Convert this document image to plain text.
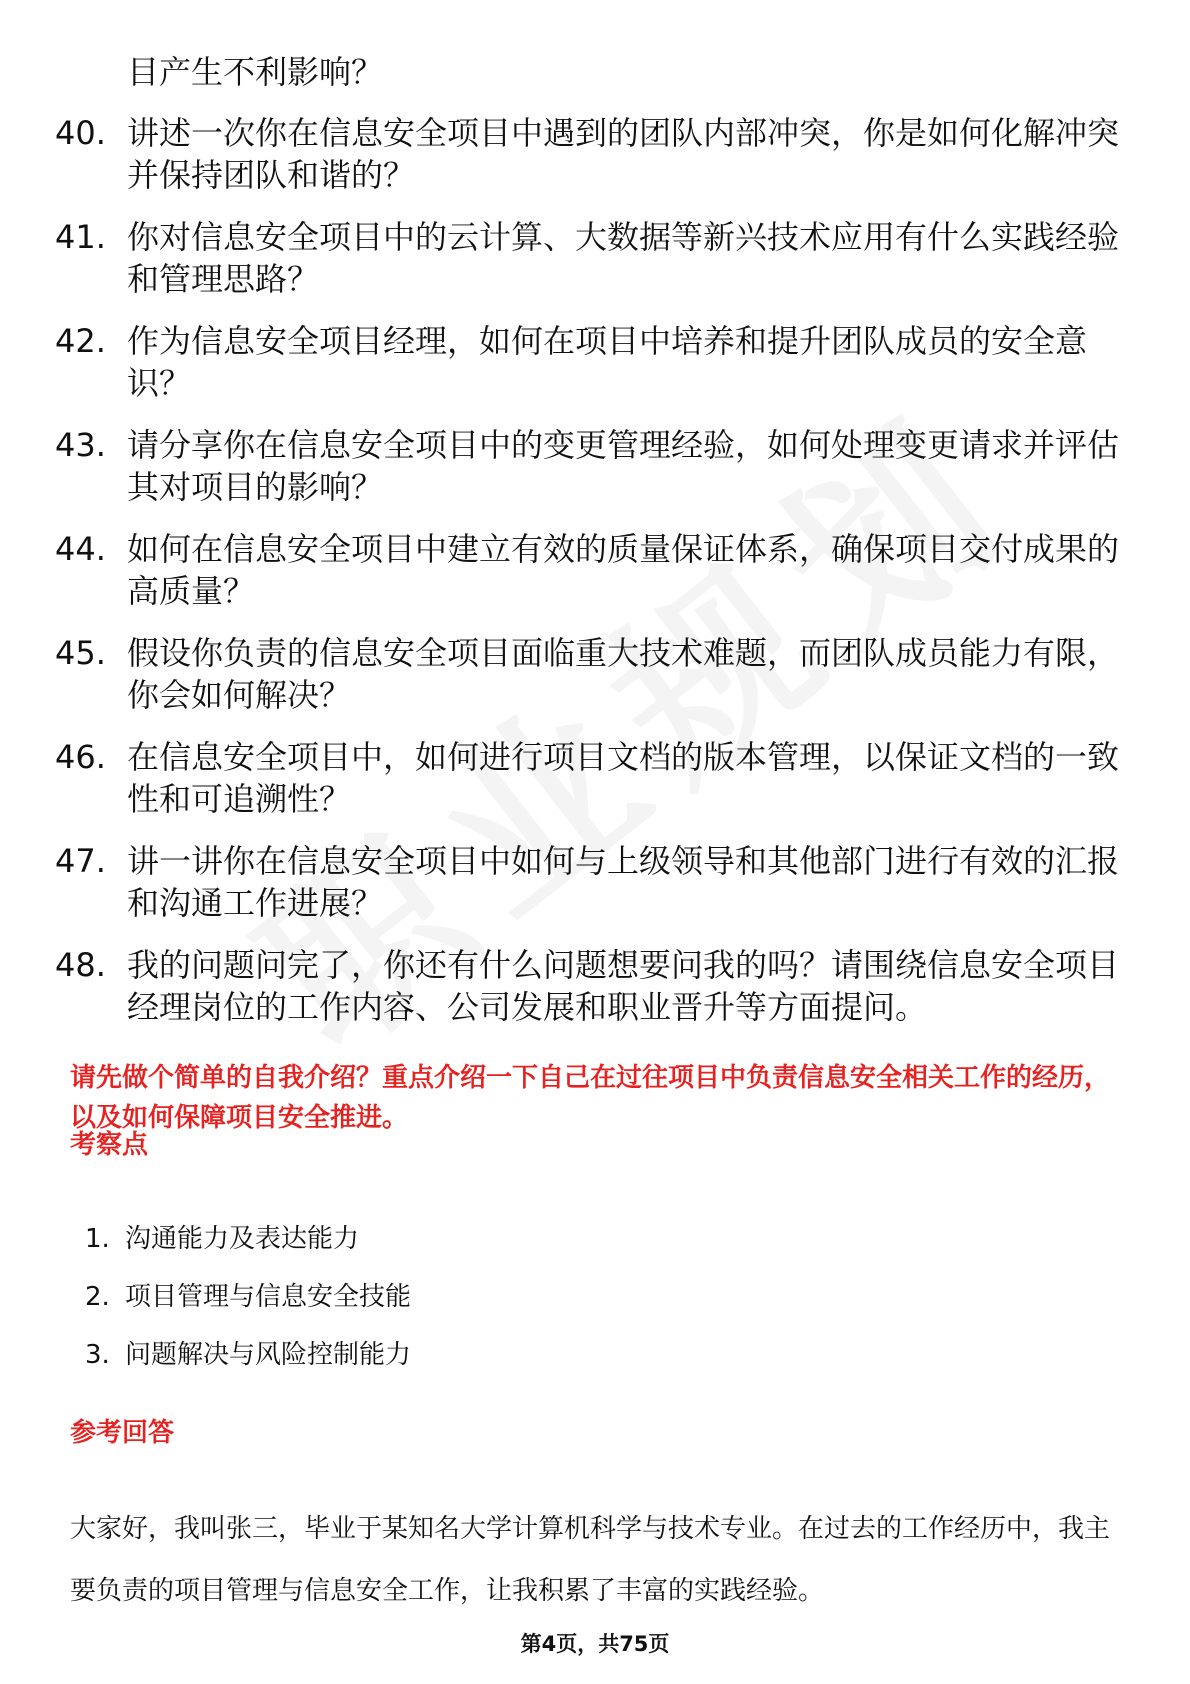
目产生不利影响？
40. 讲述一次你在信息安全项目中遇到的团队内部冲突，你是如何化解冲突并保持团队和谐的？
41. 你对信息安全项目中的云计算、大数据等新兴技术应用有什么实践经验和管理思路？
42. 作为信息安全项目经理，如何在项目中培养和提升团队成员的安全意识？
43. 请分享你在信息安全项目中的变更管理经验，如何处理变更请求并评估其对项目的影响？
44. 如何在信息安全项目中建立有效的质量保证体系，确保项目交付成果的高质量？
45. 假设你负责的信息安全项目面临重大技术难题，而团队成员能力有限，你会如何解决？
46. 在信息安全项目中，如何进行项目文档的版本管理，以保证文档的一致性和可追溯性？
47. 讲一讲你在信息安全项目中如何与上级领导和其他部门进行有效的汇报和沟通工作进展？
48. 我的问题问完了，你还有什么问题想要问我的吗？请围绕信息安全项目经理岗位的工作内容、公司发展和职业晋升等方面提问。
请先做个简单的自我介绍？重点介绍一下自己在过往项目中负责信息安全相关工作的经历，以及如何保障项目安全推进。
考察点
1. 沟通能力及表达能力
2. 项目管理与信息安全技能
3. 问题解决与风险控制能力
参考回答
大家好，我叫张三，毕业于某知名大学计算机科学与技术专业。在过去的工作经历中，我主要负责的项目管理与信息安全工作，让我积累了丰富的实践经验。
第4页，共75页
